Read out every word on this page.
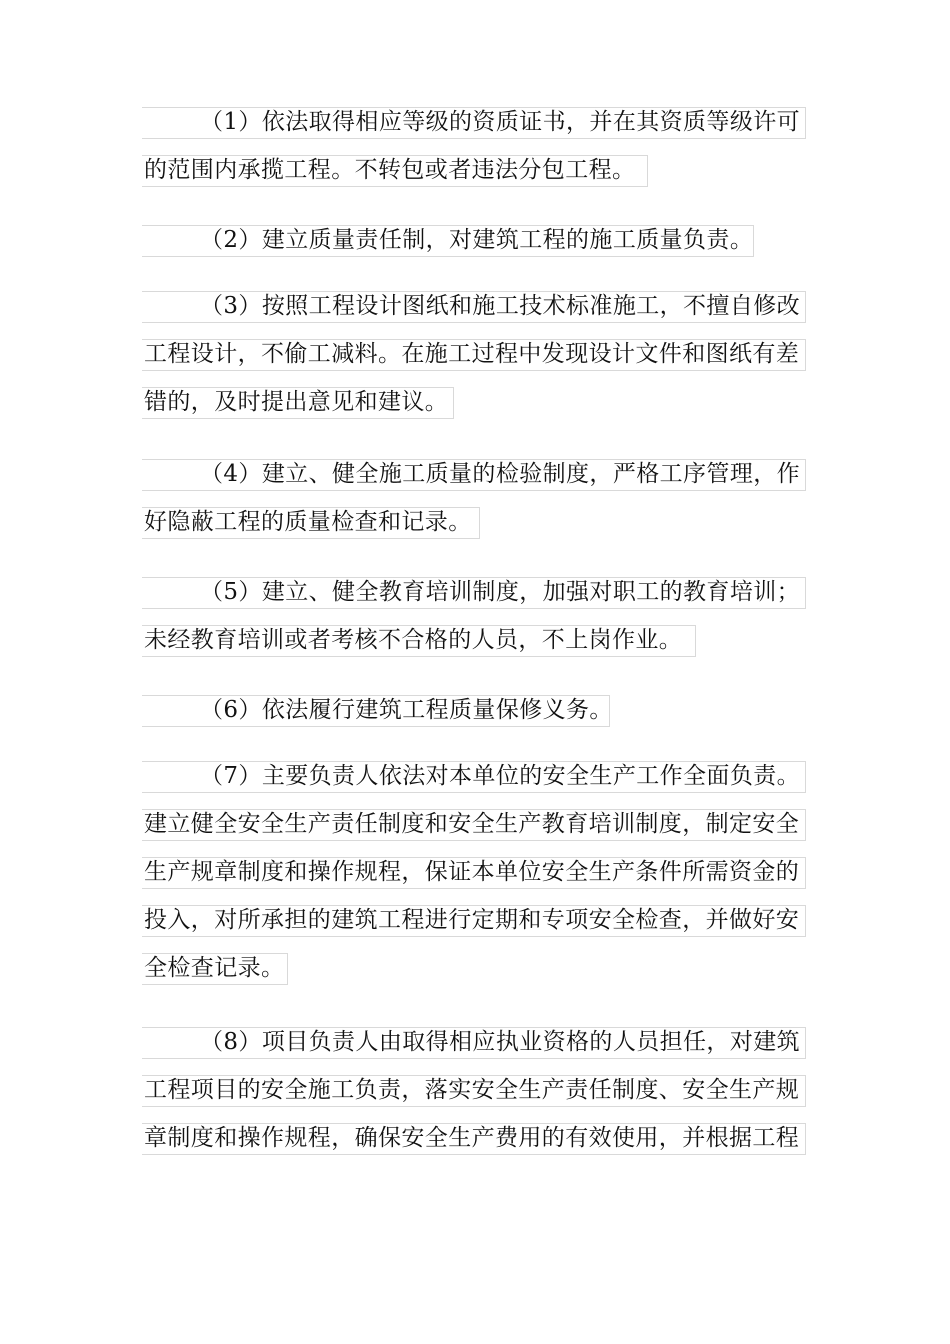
（1）依法取得相应等级的资质证书，并在其资质等级许可
的范围内承揽工程。不转包或者违法分包工程。
（2）建立质量责任制，对建筑工程的施工质量负责。
（3）按照工程设计图纸和施工技术标准施工，不擅自修改
工程设计，不偷工减料。在施工过程中发现设计文件和图纸有差
错的，及时提出意见和建议。
（4）建立、健全施工质量的检验制度，严格工序管理，作
好隐蔽工程的质量检查和记录。
（5）建立、健全教育培训制度，加强对职工的教育培训；
未经教育培训或者考核不合格的人员，不上岗作业。
（6）依法履行建筑工程质量保修义务。
（7）主要负责人依法对本单位的安全生产工作全面负责。
建立健全安全生产责任制度和安全生产教育培训制度，制定安全
生产规章制度和操作规程，保证本单位安全生产条件所需资金的
投入，对所承担的建筑工程进行定期和专项安全检查，并做好安
全检查记录。
（8）项目负责人由取得相应执业资格的人员担任，对建筑
工程项目的安全施工负责，落实安全生产责任制度、安全生产规
章制度和操作规程，确保安全生产费用的有效使用，并根据工程
